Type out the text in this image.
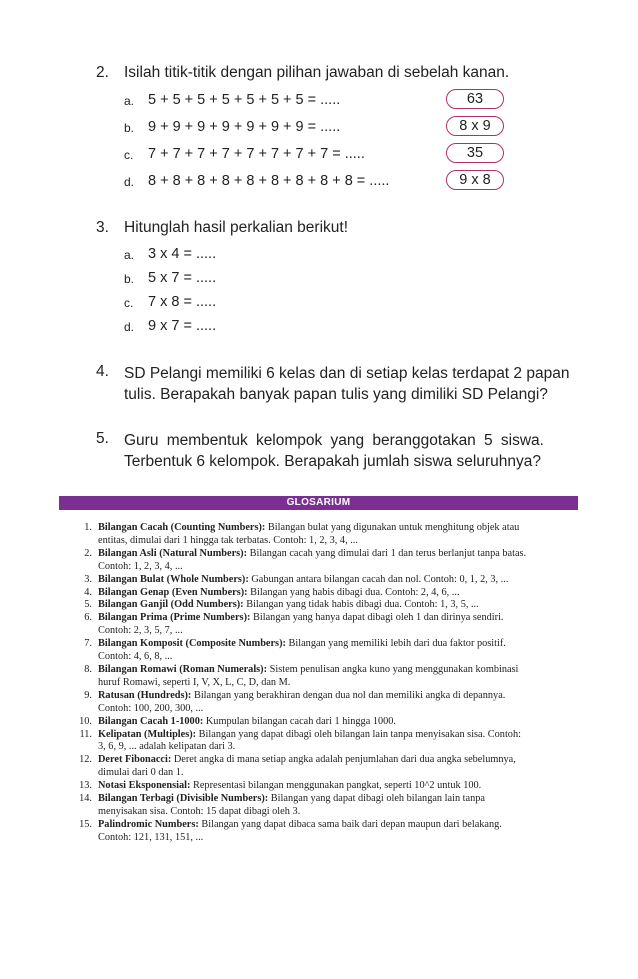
2. Isilah titik-titik dengan pilihan jawaban di sebelah kanan.
a. 5 + 5 + 5 + 5 + 5 + 5 + 5 = .....	63
b. 9 + 9 + 9 + 9 + 9 + 9 + 9 = .....	8 x 9
c. 7 + 7 + 7 + 7 + 7 + 7 + 7 + 7 = .....	35
d. 8 + 8 + 8 + 8 + 8 + 8 + 8 + 8 + 8 = .....	9 x 8
3. Hitunglah hasil perkalian berikut!
a. 3 x 4 = .....
b. 5 x 7 = .....
c. 7 x 8 = .....
d. 9 x 7 = .....
4. SD Pelangi memiliki 6 kelas dan di setiap kelas terdapat 2 papan
tulis. Berapakah banyak papan tulis yang dimiliki SD Pelangi?
5. Guru membentuk kelompok yang beranggotakan 5 siswa.
Terbentuk 6 kelompok. Berapakah jumlah siswa seluruhnya?
GLOSARIUM
1. Bilangan Cacah (Counting Numbers): Bilangan bulat yang digunakan untuk menghitung objek atau
entitas, dimulai dari 1 hingga tak terbatas. Contoh: 1, 2, 3, 4, ...
2. Bilangan Asli (Natural Numbers): Bilangan cacah yang dimulai dari 1 dan terus berlanjut tanpa batas.
Contoh: 1, 2, 3, 4, ...
3. Bilangan Bulat (Whole Numbers): Gabungan antara bilangan cacah dan nol. Contoh: 0, 1, 2, 3, ...
4. Bilangan Genap (Even Numbers): Bilangan yang habis dibagi dua. Contoh: 2, 4, 6, ...
5. Bilangan Ganjil (Odd Numbers): Bilangan yang tidak habis dibagi dua. Contoh: 1, 3, 5, ...
6. Bilangan Prima (Prime Numbers): Bilangan yang hanya dapat dibagi oleh 1 dan dirinya sendiri.
Contoh: 2, 3, 5, 7, ...
7. Bilangan Komposit (Composite Numbers): Bilangan yang memiliki lebih dari dua faktor positif.
Contoh: 4, 6, 8, ...
8. Bilangan Romawi (Roman Numerals): Sistem penulisan angka kuno yang menggunakan kombinasi
huruf Romawi, seperti I, V, X, L, C, D, dan M.
9. Ratusan (Hundreds): Bilangan yang berakhiran dengan dua nol dan memiliki angka di depannya.
Contoh: 100, 200, 300, ...
10. Bilangan Cacah 1-1000: Kumpulan bilangan cacah dari 1 hingga 1000.
11. Kelipatan (Multiples): Bilangan yang dapat dibagi oleh bilangan lain tanpa menyisakan sisa. Contoh:
3, 6, 9, ... adalah kelipatan dari 3.
12. Deret Fibonacci: Deret angka di mana setiap angka adalah penjumlahan dari dua angka sebelumnya,
dimulai dari 0 dan 1.
13. Notasi Eksponensial: Representasi bilangan menggunakan pangkat, seperti 10^2 untuk 100.
14. Bilangan Terbagi (Divisible Numbers): Bilangan yang dapat dibagi oleh bilangan lain tanpa
menyisakan sisa. Contoh: 15 dapat dibagi oleh 3.
15. Palindromic Numbers: Bilangan yang dapat dibaca sama baik dari depan maupun dari belakang.
Contoh: 121, 131, 151, ...
